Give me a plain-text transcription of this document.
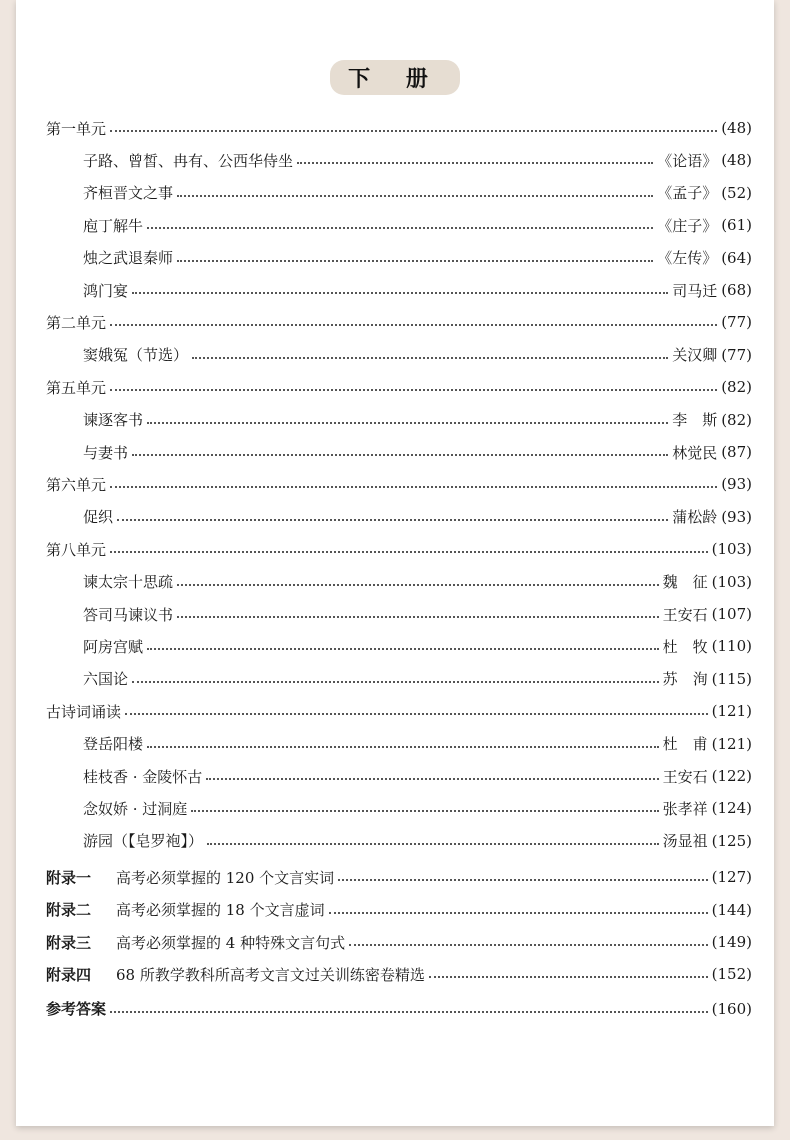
下 册
第一单元	(48)
子路、曾皙、冉有、公西华侍坐	《论语》 (48)
齐桓晋文之事	《孟子》 (52)
庖丁解牛	《庄子》 (61)
烛之武退秦师	《左传》 (64)
鸿门宴	司马迁 (68)
第二单元	(77)
窦娥冤（节选）	关汉卿 (77)
第五单元	(82)
谏逐客书	李　斯 (82)
与妻书	林觉民 (87)
第六单元	(93)
促织	蒲松龄 (93)
第八单元	(103)
谏太宗十思疏	魏　征 (103)
答司马谏议书	王安石 (107)
阿房宫赋	杜　牧 (110)
六国论	苏　洵 (115)
古诗词诵读	(121)
登岳阳楼	杜　甫 (121)
桂枝香 · 金陵怀古	王安石 (122)
念奴娇 · 过洞庭	张孝祥 (124)
游园（【皂罗袍】）	汤显祖 (125)
附录一	高考必须掌握的 120 个文言实词	(127)
附录二	高考必须掌握的 18 个文言虚词	(144)
附录三	高考必须掌握的 4 种特殊文言句式	(149)
附录四	68 所教学教科所高考文言文过关训练密卷精选	(152)
参考答案	(160)
